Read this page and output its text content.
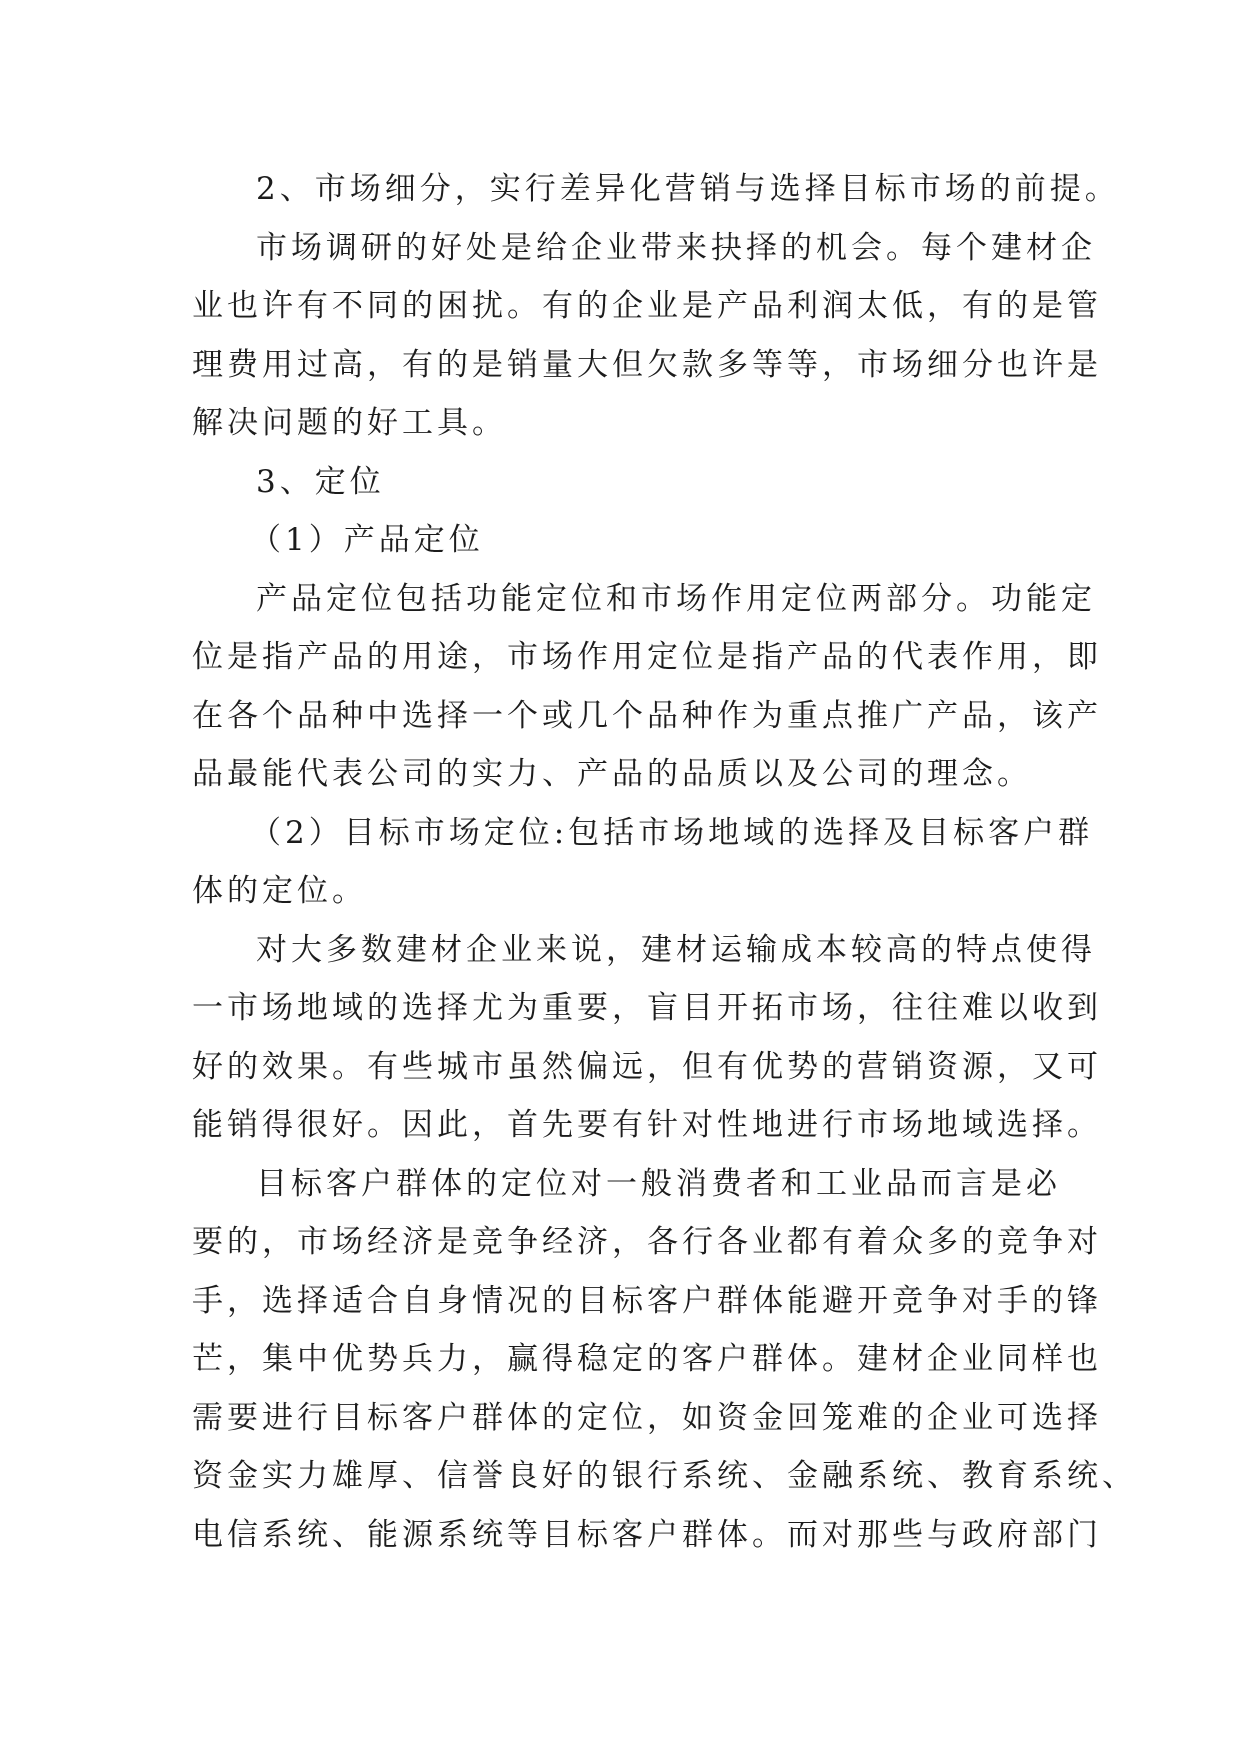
2、市场细分，实行差异化营销与选择目标市场的前提。
市场调研的好处是给企业带来抉择的机会。每个建材企
业也许有不同的困扰。有的企业是产品利润太低，有的是管
理费用过高，有的是销量大但欠款多等等，市场细分也许是
解决问题的好工具。
3、定位
（1）产品定位
产品定位包括功能定位和市场作用定位两部分。功能定
位是指产品的用途，市场作用定位是指产品的代表作用，即
在各个品种中选择一个或几个品种作为重点推广产品，该产
品最能代表公司的实力、产品的品质以及公司的理念。
（2）目标市场定位:包括市场地域的选择及目标客户群
体的定位。
对大多数建材企业来说，建材运输成本较高的特点使得
一市场地域的选择尤为重要，盲目开拓市场，往往难以收到
好的效果。有些城市虽然偏远，但有优势的营销资源，又可
能销得很好。因此，首先要有针对性地进行市场地域选择。
目标客户群体的定位对一般消费者和工业品而言是必
要的，市场经济是竞争经济，各行各业都有着众多的竞争对
手，选择适合自身情况的目标客户群体能避开竞争对手的锋
芒，集中优势兵力，赢得稳定的客户群体。建材企业同样也
需要进行目标客户群体的定位，如资金回笼难的企业可选择
资金实力雄厚、信誉良好的银行系统、金融系统、教育系统、
电信系统、能源系统等目标客户群体。而对那些与政府部门
